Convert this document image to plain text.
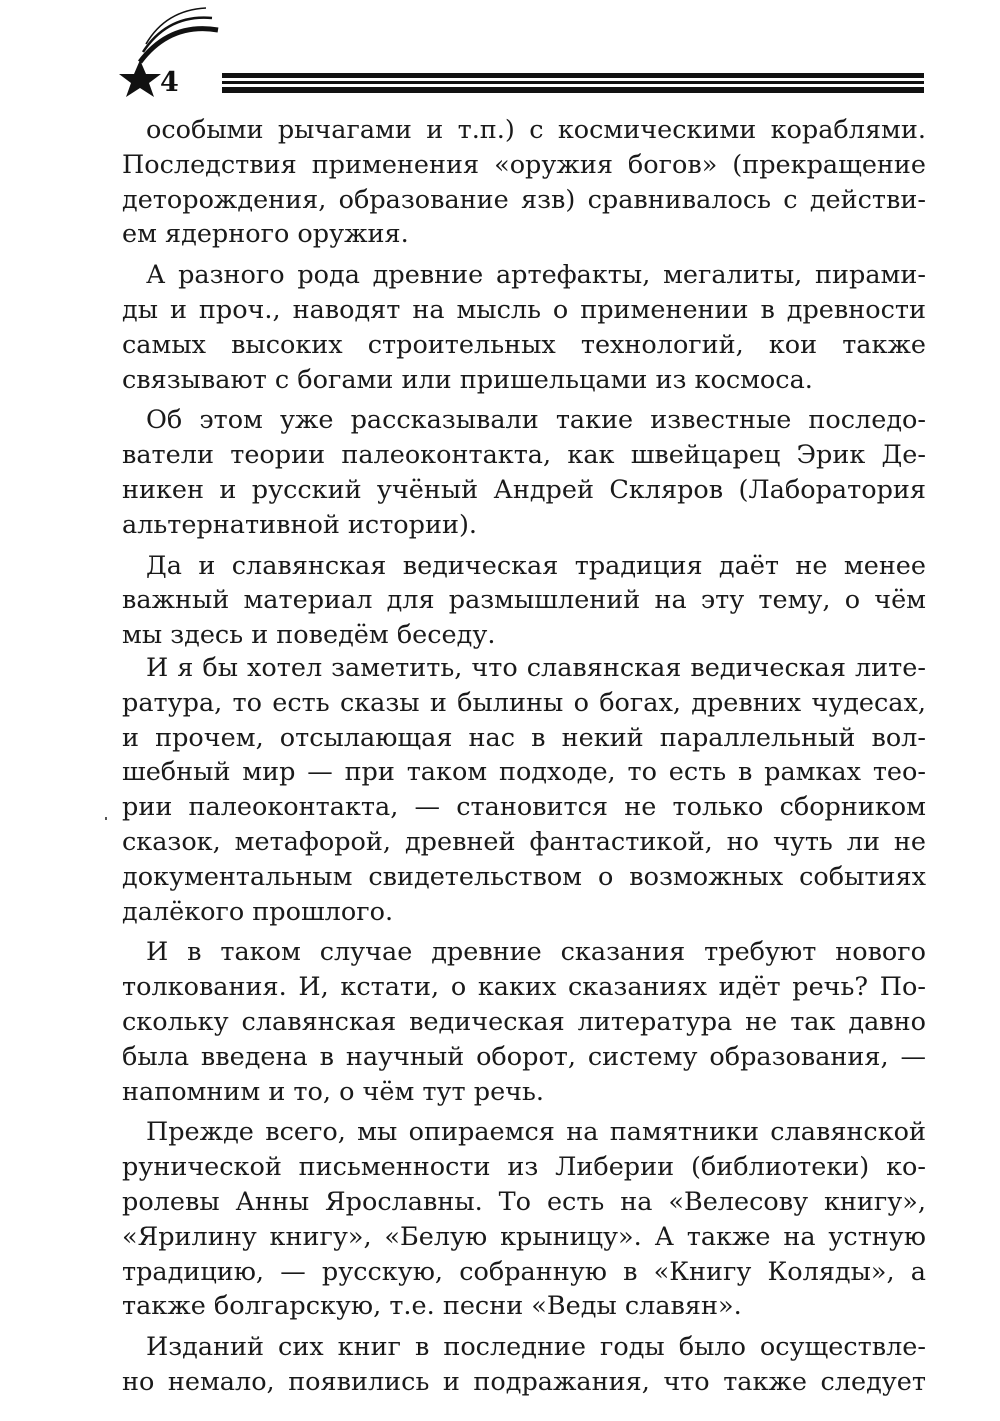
4
особыми рычагами и т.п.) с космическими кораблями.
Последствия применения «оружия богов» (прекращение
деторождения, образование язв) сравнивалось с действи-
ем ядерного оружия.
А разного рода древние артефакты, мегалиты, пирами-
ды и проч., наводят на мысль о применении в древности
самых высоких строительных технологий, кои также
связывают с богами или пришельцами из космоса.
Об этом уже рассказывали такие известные последо-
ватели теории палеоконтакта, как швейцарец Эрик Де-
никен и русский учёный Андрей Скляров (Лаборатория
альтернативной истории).
Да и славянская ведическая традиция даёт не менее
важный материал для размышлений на эту тему, о чём
мы здесь и поведём беседу.
И я бы хотел заметить, что славянская ведическая лите-
ратура, то есть сказы и былины о богах, древних чудесах,
и прочем, отсылающая нас в некий параллельный вол-
шебный мир — при таком подходе, то есть в рамках тео-
рии палеоконтакта, — становится не только сборником
сказок, метафорой, древней фантастикой, но чуть ли не
документальным свидетельством о возможных событиях
далёкого прошлого.
И в таком случае древние сказания требуют нового
толкования. И, кстати, о каких сказаниях идёт речь? По-
скольку славянская ведическая литература не так давно
была введена в научный оборот, систему образования, —
напомним и то, о чём тут речь.
Прежде всего, мы опираемся на памятники славянской
рунической письменности из Либерии (библиотеки) ко-
ролевы Анны Ярославны. То есть на «Велесову книгу»,
«Ярилину книгу», «Белую крыницу». А также на устную
традицию, — русскую, собранную в «Книгу Коляды», а
также болгарскую, т.е. песни «Веды славян».
Изданий сих книг в последние годы было осуществле-
но немало, появились и подражания, что также следует
